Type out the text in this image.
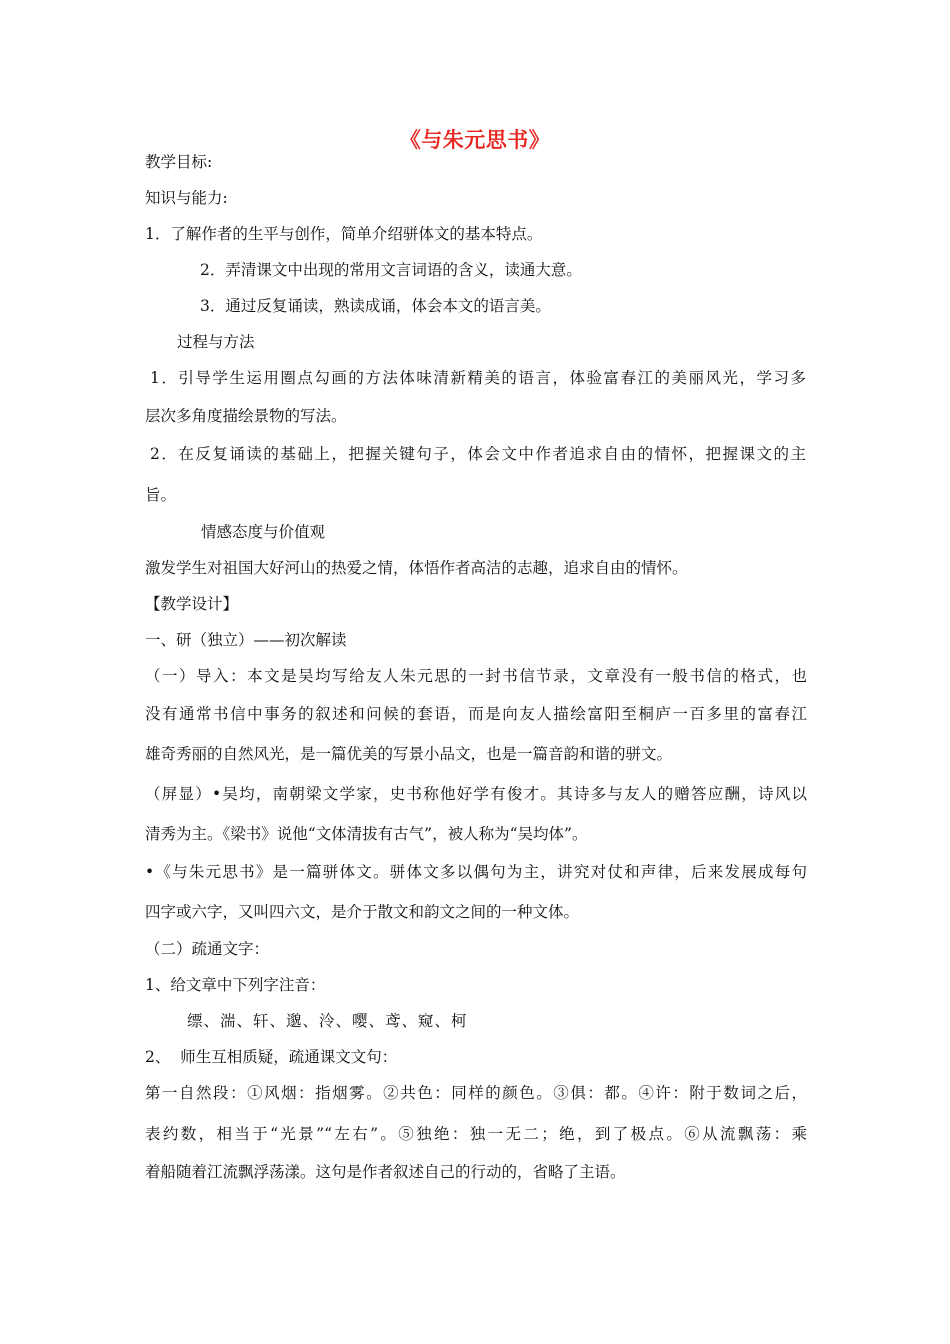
《与朱元思书》
教学目标:
知识与能力:
1．了解作者的生平与创作，简单介绍骈体文的基本特点。
2．弄清课文中出现的常用文言词语的含义，读通大意。
3．通过反复诵读，熟读成诵，体会本文的语言美。
过程与方法
1．引导学生运用圈点勾画的方法体味清新精美的语言，体验富春江的美丽风光，学习多
层次多角度描绘景物的写法。
2．在反复诵读的基础上，把握关键句子，体会文中作者追求自由的情怀，把握课文的主
旨。
情感态度与价值观
激发学生对祖国大好河山的热爱之情，体悟作者高洁的志趣，追求自由的情怀。
【教学设计】
一、研（独立）——初次解读
（一）导入：本文是吴均写给友人朱元思的一封书信节录，文章没有一般书信的格式，也
没有通常书信中事务的叙述和问候的套语，而是向友人描绘富阳至桐庐一百多里的富春江
雄奇秀丽的自然风光，是一篇优美的写景小品文，也是一篇音韵和谐的骈文。
（屏显）•吴均，南朝梁文学家，史书称他好学有俊才。其诗多与友人的赠答应酬，诗风以
清秀为主。《梁书》说他“文体清拔有古气”，被人称为“吴均体”。
•《与朱元思书》是一篇骈体文。骈体文多以偶句为主，讲究对仗和声律，后来发展成每句
四字或六字，又叫四六文，是介于散文和韵文之间的一种文体。
（二）疏通文字：
1、给文章中下列字注音：
缥、湍、轩、邈、泠、嘤、鸢、窥、柯
2、  师生互相质疑，疏通课文文句：
第一自然段：①风烟：指烟雾。②共色：同样的颜色。③俱：都。④许：附于数词之后，
表约数，相当于“光景”“左右”。⑤独绝：独一无二；绝，到了极点。⑥从流飘荡：乘
着船随着江流飘浮荡漾。这句是作者叙述自己的行动的，省略了主语。
